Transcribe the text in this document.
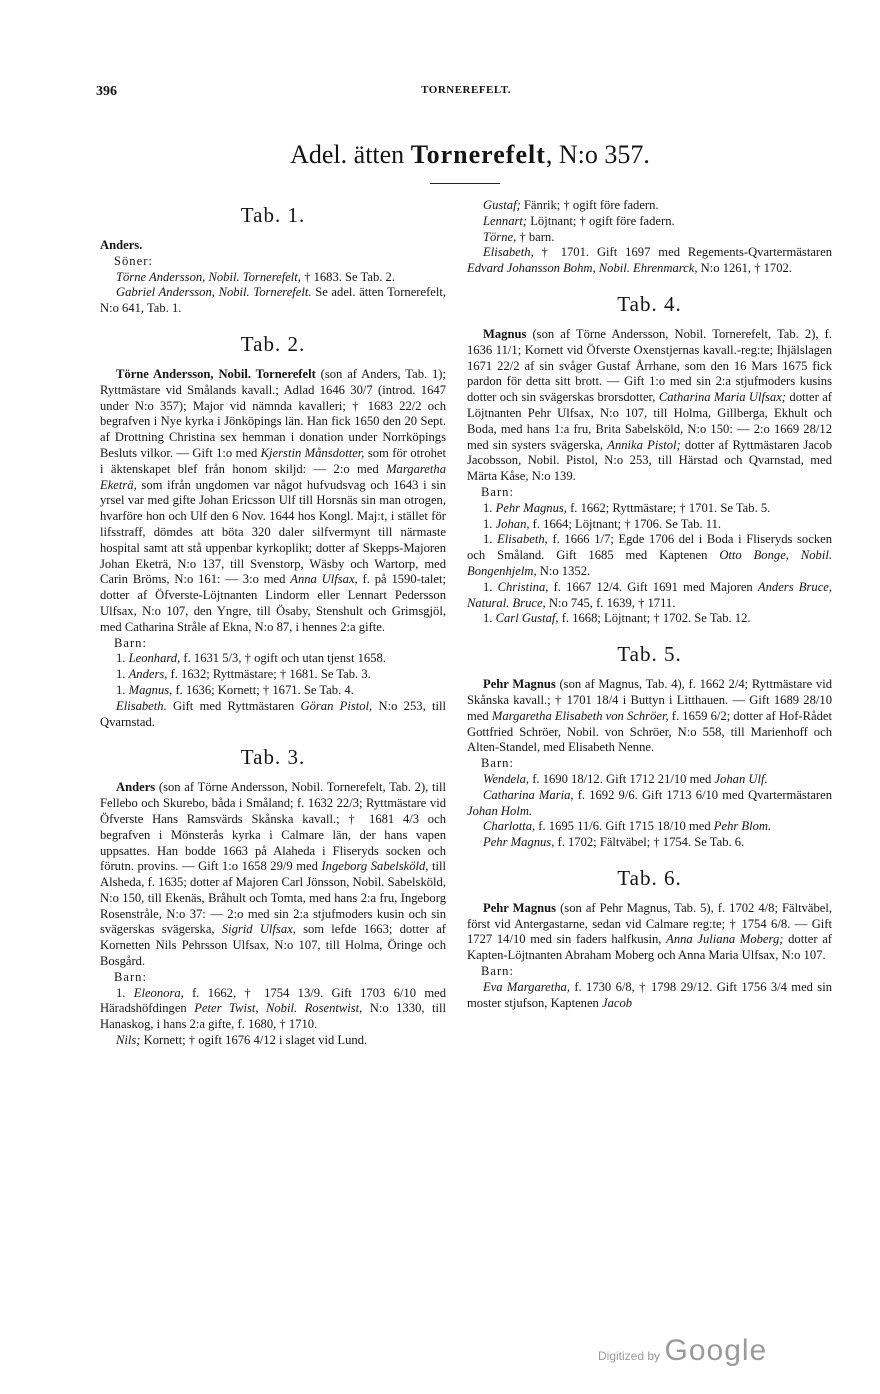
396	TORNEREFELT.
Adel. ätten Tornerefelt, N:o 357.
Tab. 1.

Anders.

Söner:

Törne Andersson, Nobil. Tornerefelt, † 1683. Se Tab. 2.

Gabriel Andersson, Nobil. Tornerefelt. Se adel. ätten Tornerefelt, N:o 641, Tab. 1.

Tab. 2.

Törne Andersson, Nobil. Tornerefelt (son af Anders, Tab. 1); Ryttmästare vid Smålands kavall.; Adlad 1646 30/7 (introd. 1647 under N:o 357); Major vid nämnda kavalleri; † 1683 22/2 och begrafven i Nye kyrka i Jönköpings län. Han fick 1650 den 20 Sept. af Drottning Christina sex hemman i donation under Norrköpings Besluts vilkor. — Gift 1:o med Kjerstin Månsdotter, som för otrohet i äktenskapet blef från honom skiljd: — 2:o med Margaretha Eketrä, som ifrån ungdomen var något hufvudsvag och 1643 i sin yrsel var med gifte Johan Ericsson Ulf till Horsnäs sin man otrogen, hvarföre hon och Ulf den 6 Nov. 1644 hos Kongl. Maj:t, i stället för lifsstraff, dömdes att böta 320 daler silfvermynt till närmaste hospital samt att stå uppenbar kyrkoplikt; dotter af Skepps-Majoren Johan Eketrä, N:o 137, till Svenstorp, Wäsby och Wartorp, med Carin Bröms, N:o 161: — 3:o med Anna Ulfsax, f. på 1590-talet; dotter af Öfverste-Löjtnanten Lindorm eller Lennart Pedersson Ulfsax, N:o 107, den Yngre, till Ösaby, Stenshult och Grimsgjöl, med Catharina Stråle af Ekna, N:o 87, i hennes 2:a gifte.

Barn:

1. Leonhard, f. 1631 5/3, † ogift och utan tjenst 1658.

1. Anders, f. 1632; Ryttmästare; † 1681. Se Tab. 3.

1. Magnus, f. 1636; Kornett; † 1671. Se Tab. 4.

Elisabeth. Gift med Ryttmästaren Göran Pistol, N:o 253, till Qvarnstad.

Tab. 3.

Anders (son af Törne Andersson, Nobil. Tornerefelt, Tab. 2), till Fellebo och Skurebo, båda i Småland; f. 1632 22/3; Ryttmästare vid Öfverste Hans Ramsvärds Skånska kavall.; † 1681 4/3 och begrafven i Mönsterås kyrka i Calmare län, der hans vapen uppsattes. Han bodde 1663 på Alaheda i Fliseryds socken och förutn. provins. — Gift 1:o 1658 29/9 med Ingeborg Sabelsköld, till Alsheda, f. 1635; dotter af Majoren Carl Jönsson, Nobil. Sabelsköld, N:o 150, till Ekenäs, Bråhult och Tomta, med hans 2:a fru, Ingeborg Rosenstråle, N:o 37: — 2:o med sin 2:a stjufmoders kusin och sin svägerskas svägerska, Sigrid Ulfsax, som lefde 1663; dotter af Kornetten Nils Pehrsson Ulfsax, N:o 107, till Holma, Öringe och Bosgård.

Barn:

1. Eleonora, f. 1662, † 1754 13/9. Gift 1703 6/10 med Häradshöfdingen Peter Twist, Nobil. Rosentwist, N:o 1330, till Hanaskog, i hans 2:a gifte, f. 1680, † 1710.

Nils; Kornett; † ogift 1676 4/12 i slaget vid Lund.

Gustaf; Fänrik; † ogift före fadern.

Lennart; Löjtnant; † ogift före fadern.

Törne, † barn.

Elisabeth, † 1701. Gift 1697 med Regements-Qvartermästaren Edvard Johansson Bohm, Nobil. Ehrenmarck, N:o 1261, † 1702.

Tab. 4.

Magnus (son af Törne Andersson, Nobil. Tornerefelt, Tab. 2), f. 1636 11/1; Kornett vid Öfverste Oxenstjernas kavall.-reg:te; Ihjälslagen 1671 22/2 af sin svåger Gustaf Årrhane, som den 16 Mars 1675 fick pardon för detta sitt brott. — Gift 1:o med sin 2:a stjufmoders kusins dotter och sin svägerskas brorsdotter, Catharina Maria Ulfsax; dotter af Löjtnanten Pehr Ulfsax, N:o 107, till Holma, Gillberga, Ekhult och Boda, med hans 1:a fru, Brita Sabelsköld, N:o 150: — 2:o 1669 28/12 med sin systers svägerska, Annika Pistol; dotter af Ryttmästaren Jacob Jacobsson, Nobil. Pistol, N:o 253, till Härstad och Qvarnstad, med Märta Kåse, N:o 139.

Barn:

1. Pehr Magnus, f. 1662; Ryttmästare; † 1701. Se Tab. 5.

1. Johan, f. 1664; Löjtnant; † 1706. Se Tab. 11.

1. Elisabeth, f. 1666 1/7; Egde 1706 del i Boda i Fliseryds socken och Småland. Gift 1685 med Kaptenen Otto Bonge, Nobil. Bongenhjelm, N:o 1352.

1. Christina, f. 1667 12/4. Gift 1691 med Majoren Anders Bruce, Natural. Bruce, N:o 745, f. 1639, † 1711.

1. Carl Gustaf, f. 1668; Löjtnant; † 1702. Se Tab. 12.

Tab. 5.

Pehr Magnus (son af Magnus, Tab. 4), f. 1662 2/4; Ryttmästare vid Skånska kavall.; † 1701 18/4 i Buttyn i Litthauen. — Gift 1689 28/10 med Margaretha Elisabeth von Schröer, f. 1659 6/2; dotter af Hof-Rådet Gottfried Schröer, Nobil. von Schröer, N:o 558, till Marienhoff och Alten-Standel, med Elisabeth Nenne.

Barn:

Wendela, f. 1690 18/12. Gift 1712 21/10 med Johan Ulf.

Catharina Maria, f. 1692 9/6. Gift 1713 6/10 med Qvartermästaren Johan Holm.

Charlotta, f. 1695 11/6. Gift 1715 18/10 med Pehr Blom.

Pehr Magnus, f. 1702; Fältväbel; † 1754. Se Tab. 6.

Tab. 6.

Pehr Magnus (son af Pehr Magnus, Tab. 5), f. 1702 4/8; Fältväbel, först vid Antergastarne, sedan vid Calmare reg:te; † 1754 6/8. — Gift 1727 14/10 med sin faders halfkusin, Anna Juliana Moberg; dotter af Kapten-Löjtnanten Abraham Moberg och Anna Maria Ulfsax, N:o 107.

Barn:

Eva Margaretha, f. 1730 6/8, † 1798 29/12. Gift 1756 3/4 med sin moster stjufson, Kaptenen Jacob

Digitized by Google
